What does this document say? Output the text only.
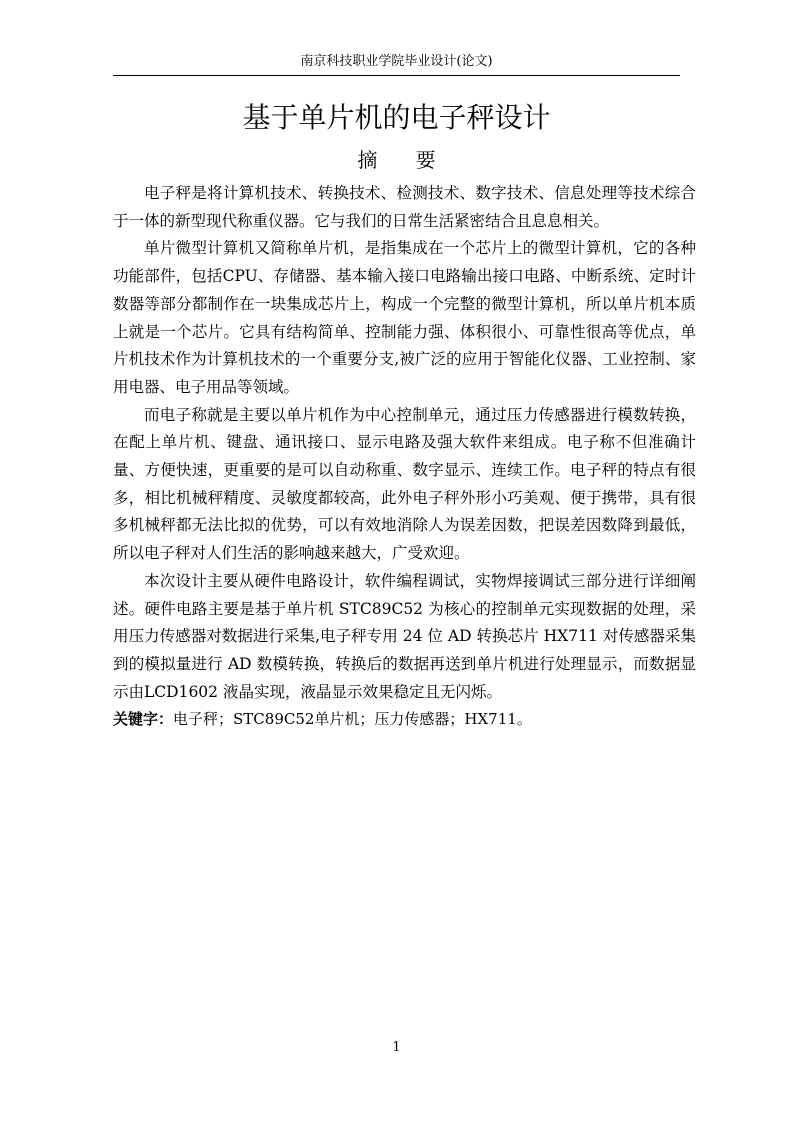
南京科技职业学院毕业设计(论文)
基于单片机的电子秤设计
摘 要

电子秤是将计算机技术、转换技术、检测技术、数字技术、信息处理等技术综合于一体的新型现代称重仪器。它与我们的日常生活紧密结合且息息相关。

单片微型计算机又简称单片机，是指集成在一个芯片上的微型计算机，它的各种功能部件，包括CPU、存储器、基本输入接口电路输出接口电路、中断系统、定时计数器等部分都制作在一块集成芯片上，构成一个完整的微型计算机，所以单片机本质上就是一个芯片。它具有结构简单、控制能力强、体积很小、可靠性很高等优点，单片机技术作为计算机技术的一个重要分支,被广泛的应用于智能化仪器、工业控制、家用电器、电子用品等领域。

而电子称就是主要以单片机作为中心控制单元，通过压力传感器进行模数转换，在配上单片机、键盘、通讯接口、显示电路及强大软件来组成。电子称不但准确计量、方便快速，更重要的是可以自动称重、数字显示、连续工作。电子秤的特点有很多，相比机械秤精度、灵敏度都较高，此外电子秤外形小巧美观、便于携带，具有很多机械秤都无法比拟的优势，可以有效地消除人为误差因数，把误差因数降到最低，所以电子秤对人们生活的影响越来越大，广受欢迎。

本次设计主要从硬件电路设计，软件编程调试，实物焊接调试三部分进行详细阐述。硬件电路主要是基于单片机 STC89C52 为核心的控制单元实现数据的处理，采用压力传感器对数据进行采集,电子秤专用 24 位 AD 转换芯片 HX711 对传感器采集到的模拟量进行 AD 数模转换，转换后的数据再送到单片机进行处理显示，而数据显示由LCD1602 液晶实现，液晶显示效果稳定且无闪烁。

关键字：电子秤；STC89C52单片机；压力传感器；HX711。

1
